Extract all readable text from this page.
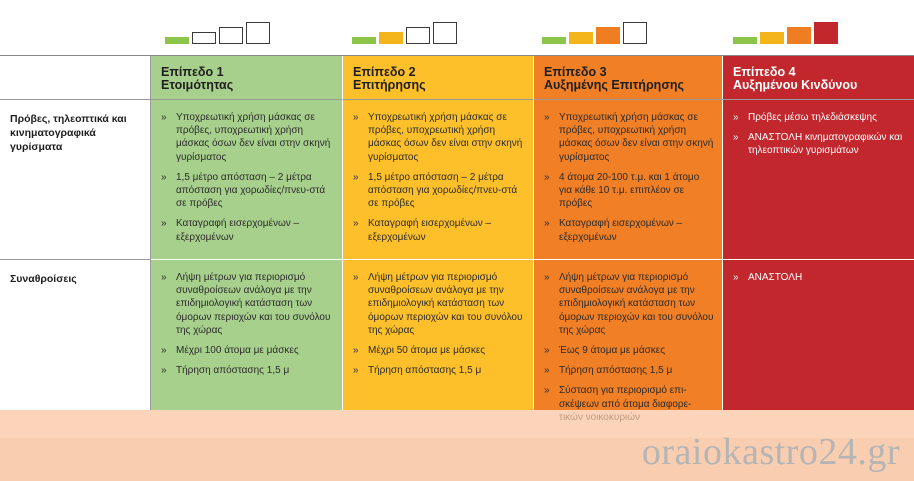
Επίπεδο 1
Ετοιμότητας
Επίπεδο 2
Επιτήρησης
Επίπεδο 3
Αυξημένης Επιτήρησης
Επίπεδο 4
Αυξημένου Κινδύνου
Πρόβες, τηλεοπτικά και κινηματογραφικά γυρίσματα
» Υποχρεωτική χρήση μάσκας σε πρόβες, υποχρεωτική χρήση μάσκας όσων δεν είναι στην σκηνή γυρίσματος
» 1,5 μέτρο απόσταση – 2 μέτρα απόσταση για χορωδίες/πνευ-στά σε πρόβες
» Καταγραφή εισερχομένων – εξερχομένων
» Υποχρεωτική χρήση μάσκας σε πρόβες, υποχρεωτική χρήση μάσκας όσων δεν είναι στην σκηνή γυρίσματος
» 1,5 μέτρο απόσταση – 2 μέτρα απόσταση για χορωδίες/πνευ-στά σε πρόβες
» Καταγραφή εισερχομένων – εξερχομένων
» Υποχρεωτική χρήση μάσκας σε πρόβες, υποχρεωτική χρήση μάσκας όσων δεν είναι στην σκηνή γυρίσματος
» 4 άτομα 20-100 τ.μ. και 1 άτομο για κάθε 10 τ.μ. επιπλέον σε πρόβες
» Καταγραφή εισερχομένων – εξερχομένων
» Πρόβες μέσω τηλεδιάσκεψης
» ΑΝΑΣΤΟΛΗ κινηματογραφικών και τηλεοπτικών γυρισμάτων
Συναθροίσεις
»	Λήψη μέτρων για περιορισμό συναθροίσεων ανάλογα με την επιδημιολογική κατάσταση των όμορων περιοχών και του συνόλου της χώρας
» Μέχρι 100 άτομα με μάσκες
» Τήρηση απόστασης 1,5 μ
» Λήψη μέτρων για περιορισμό συναθροίσεων ανάλογα με την επιδημιολογική κατάσταση των όμορων περιοχών και του συνόλου της χώρας
» Μέχρι 50 άτομα με μάσκες
» Τήρηση απόστασης 1,5 μ
» Λήψη μέτρων για περιορισμό συναθροίσεων ανάλογα με την επιδημιολογική κατάσταση των όμορων περιοχών και του συνόλου της χώρας
» Έως 9 άτομα με μάσκες
» Τήρηση απόστασης 1,5 μ
» Σύσταση για περιορισμό επι-σκέψεων από άτομα διαφορε-
» ΑΝΑΣΤΟΛΗ
oraiokastro24.gr
